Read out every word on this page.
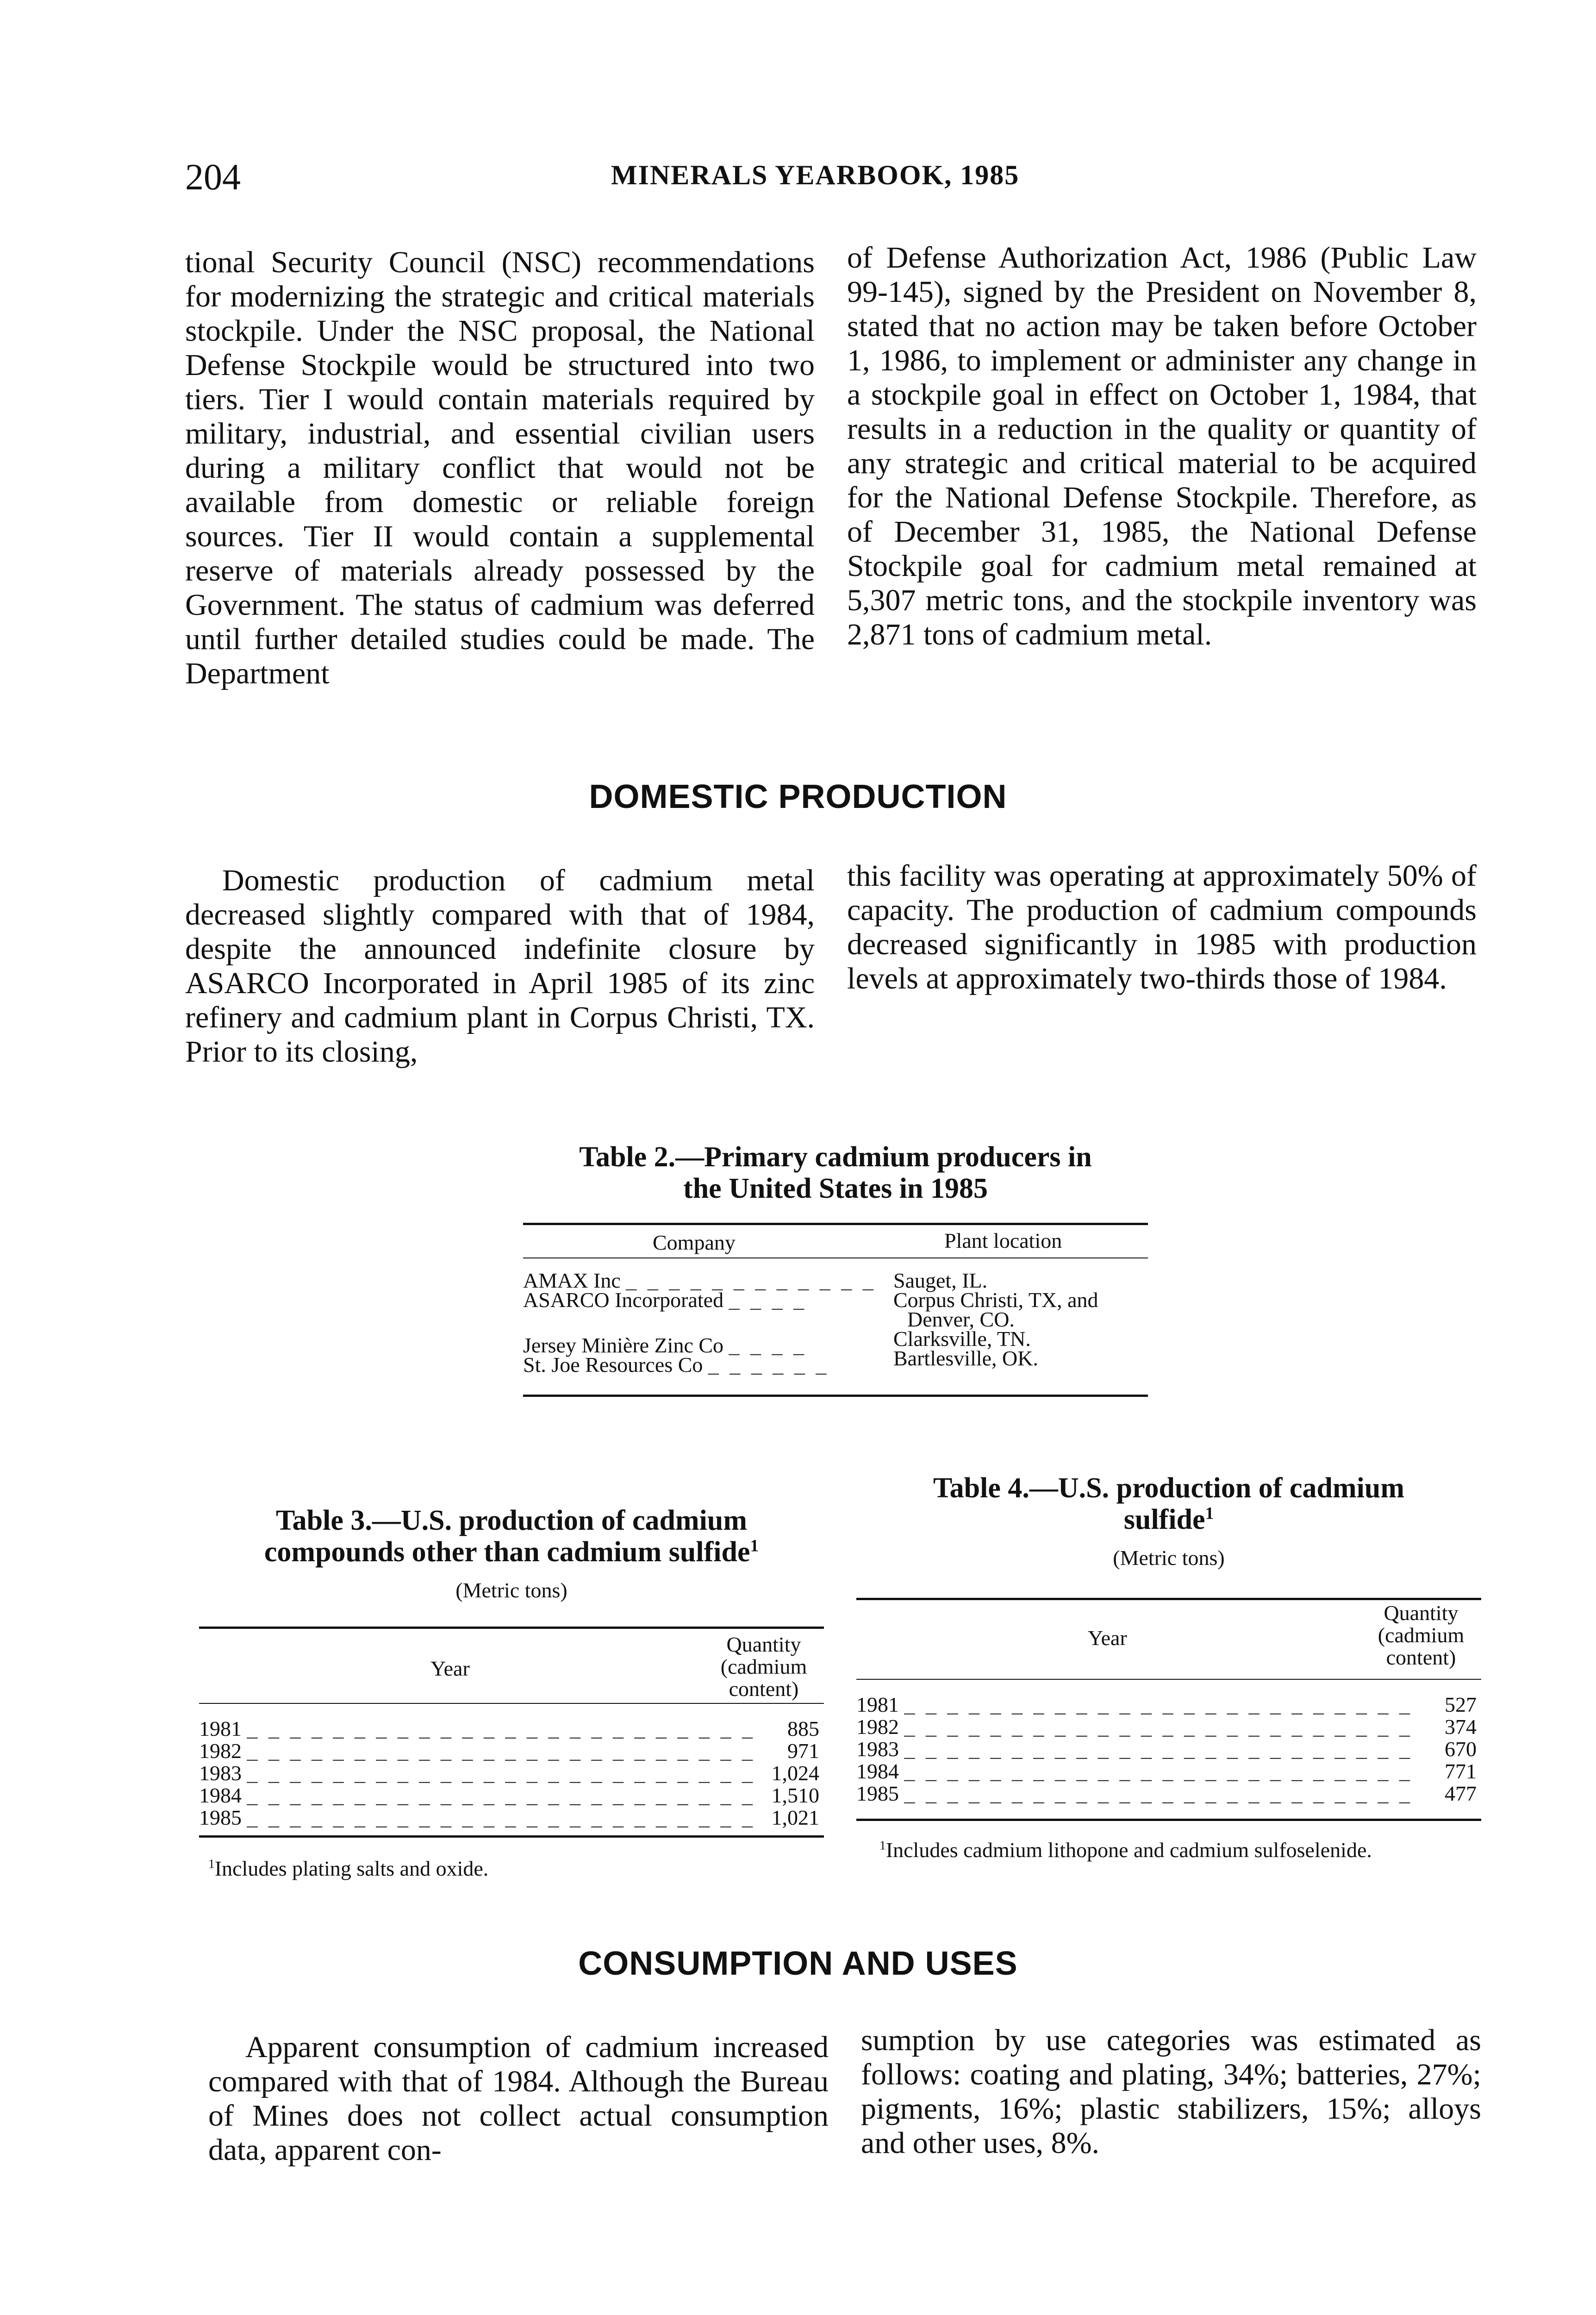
204	MINERALS YEARBOOK, 1985

tional Security Council (NSC) recommendations for modernizing the strategic and critical materials stockpile. Under the NSC proposal, the National Defense Stockpile would be structured into two tiers. Tier I would contain materials required by military, industrial, and essential civilian users during a military conflict that would not be available from domestic or reliable foreign sources. Tier II would contain a supplemental reserve of materials already possessed by the Government. The status of cadmium was deferred until further detailed studies could be made. The Department

of Defense Authorization Act, 1986 (Public Law 99-145), signed by the President on November 8, stated that no action may be taken before October 1, 1986, to implement or administer any change in a stockpile goal in effect on October 1, 1984, that results in a reduction in the quality or quantity of any strategic and critical material to be acquired for the National Defense Stockpile. Therefore, as of December 31, 1985, the National Defense Stockpile goal for cadmium metal remained at 5,307 metric tons, and the stockpile inventory was 2,871 tons of cadmium metal.

DOMESTIC PRODUCTION

Domestic production of cadmium metal decreased slightly compared with that of 1984, despite the announced indefinite closure by ASARCO Incorporated in April 1985 of its zinc refinery and cadmium plant in Corpus Christi, TX. Prior to its closing,

this facility was operating at approximately 50% of capacity. The production of cadmium compounds decreased significantly in 1985 with production levels at approximately two-thirds those of 1984.

Table 2.—Primary cadmium producers in
the United States in 1985
Company	Plant location
AMAX Inc _ _ _ _ _ _ _ _ _ _ _ _ Sauget, IL.
ASARCO Incorporated _ _ _ _	Corpus Christi, TX, and
Denver, CO.
Jersey Minière Zinc Co _ _ _ _	Clarksville, TN.
St. Joe Resources Co _ _ _ _ _ _	Bartlesville, OK.
Table 3.—U.S. production of cadmium
compounds other than cadmium sulfide$^1$
(Metric tons)
Year
Quantity
(cadmium
content)
1981 _ _ _ _ _ _ _ _ _ _ _ _ _ _ _ _ _ _ _ _ _ _ _ _ 885
1982 _ _ _ _ _ _ _ _ _ _ _ _ _ _ _ _ _ _ _ _ _ _ _ _ 971
1983 _ _ _ _ _ _ _ _ _ _ _ _ _ _ _ _ _ _ _ _ _ _ _ _ 1,024
1984 _ _ _ _ _ _ _ _ _ _ _ _ _ _ _ _ _ _ _ _ _ _ _ _ 1,510
1985 _ _ _ _ _ _ _ _ _ _ _ _ _ _ _ _ _ _ _ _ _ _ _ _ 1,021
$^1$Includes plating salts and oxide.
Table 4.—U.S. production of cadmium
sulfide$^1$
(Metric tons)
Year
Quantity
(cadmium
content)
1981 _ _ _ _ _ _ _ _ _ _ _ _ _ _ _ _ _ _ _ _ _ _ _ _ 527
1982 _ _ _ _ _ _ _ _ _ _ _ _ _ _ _ _ _ _ _ _ _ _ _ _ 374
1983 _ _ _ _ _ _ _ _ _ _ _ _ _ _ _ _ _ _ _ _ _ _ _ _ 670
1984 _ _ _ _ _ _ _ _ _ _ _ _ _ _ _ _ _ _ _ _ _ _ _ _ 771
1985 _ _ _ _ _ _ _ _ _ _ _ _ _ _ _ _ _ _ _ _ _ _ _ _ 477
$^1$Includes cadmium lithopone and cadmium sulfoselenide.
CONSUMPTION AND USES

Apparent consumption of cadmium increased compared with that of 1984. Although the Bureau of Mines does not collect actual consumption data, apparent con-

sumption by use categories was estimated as follows: coating and plating, 34%; batteries, 27%; pigments, 16%; plastic stabilizers, 15%; alloys and other uses, 8%.
